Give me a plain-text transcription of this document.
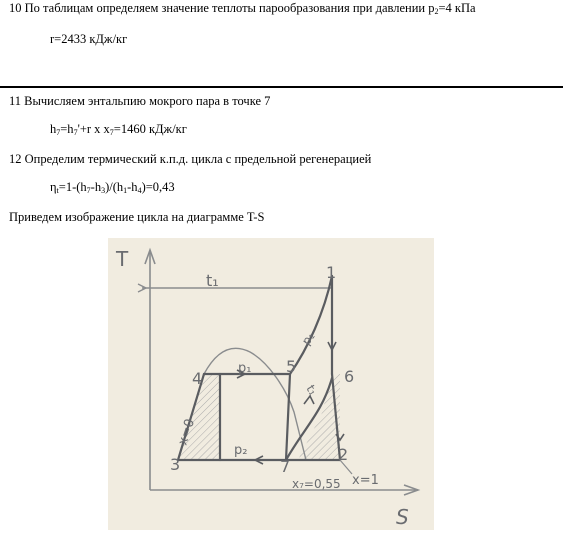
10 По таблицам определяем значение теплоты парообразования при давлении $p_2=4$ кПа
r=2433 кДж/кг
11 Вычисляем энтальпию мокрого пара в точке 7
$h_7=h_7'+r$ x $x_7=1460$ кДж/кг
12 Определим термический к.п.д. цикла с предельной регенерацией
$\eta_t=1-(h_7-h_3)/(h_1-h_4)=0,43$
Приведем изображение цикла на диаграмме T-S
T
S
t₁	1
4
5
6
3	7
2
p₁
p₂
p₁
t₁
x=0
x=1
x₇=0,55
